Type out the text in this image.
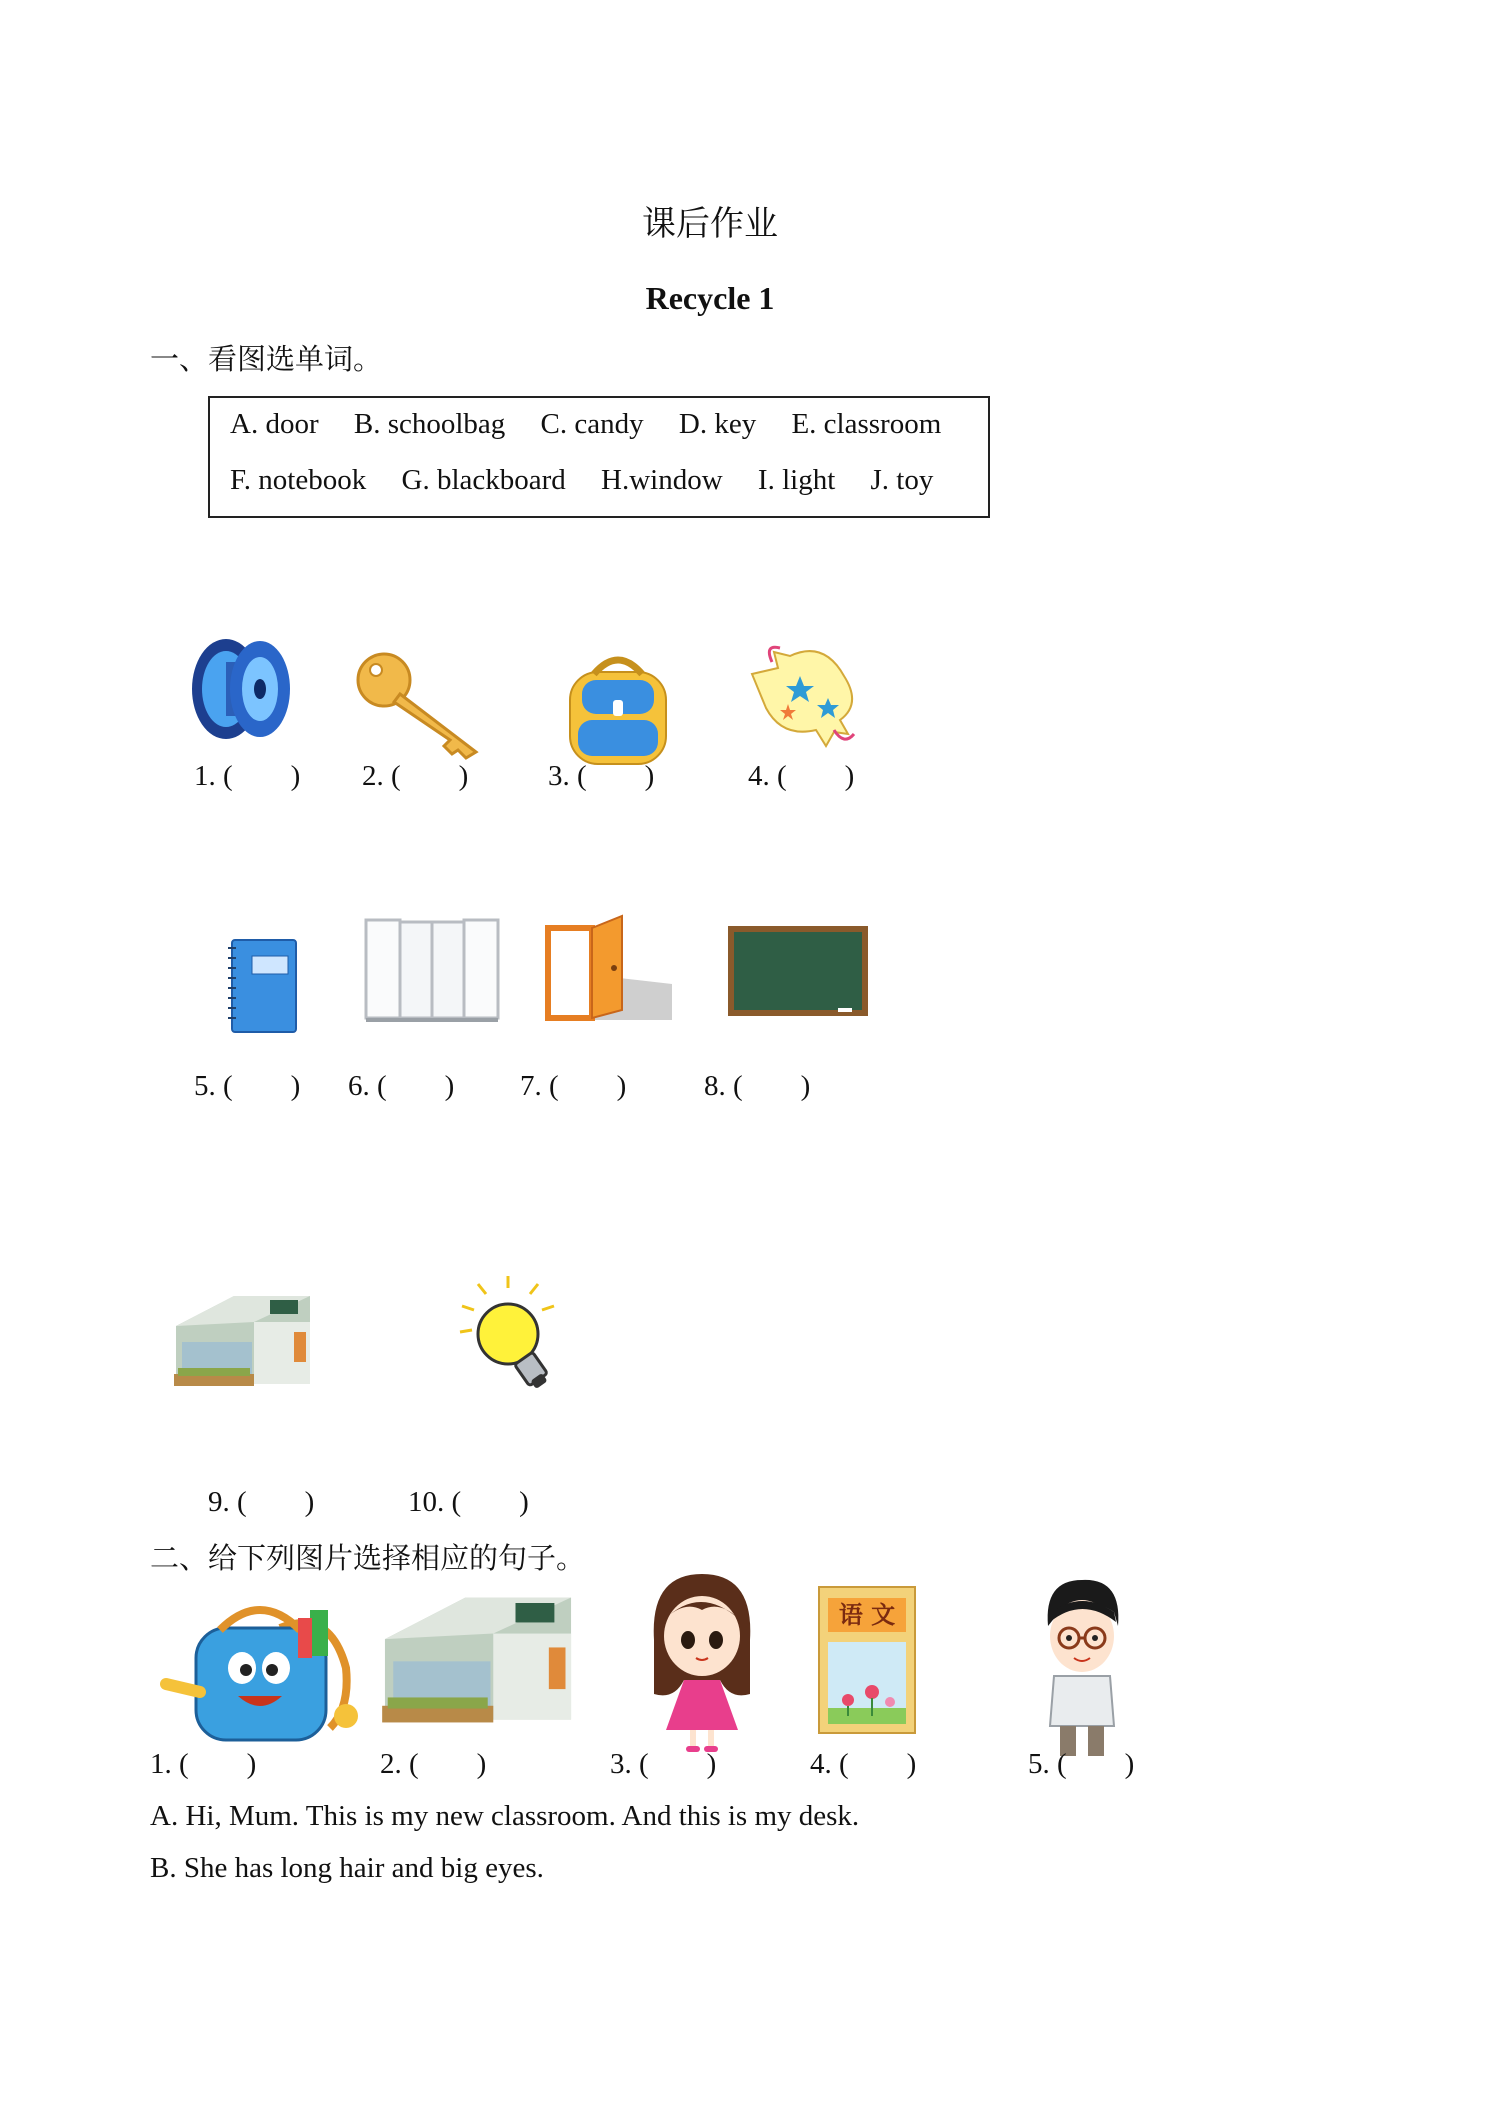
课后作业
Recycle 1
一、看图选单词。
A. door B. schoolbag C. candy D. key E. classroom
F. notebook G. blackboard H.window I. light J. toy
1. (        ) 2. (        )	3. (        )	4. (        )
5. (        ) 6. (        ) 7. (        )	8. (        )
9. (        )	10. (        )
二、给下列图片选择相应的句子。
语 文
1. (        )	2. (        )	3. (        )	4. (        )	5. (        )
A. Hi, Mum. This is my new classroom. And this is my desk.
B. She has long hair and big eyes.
